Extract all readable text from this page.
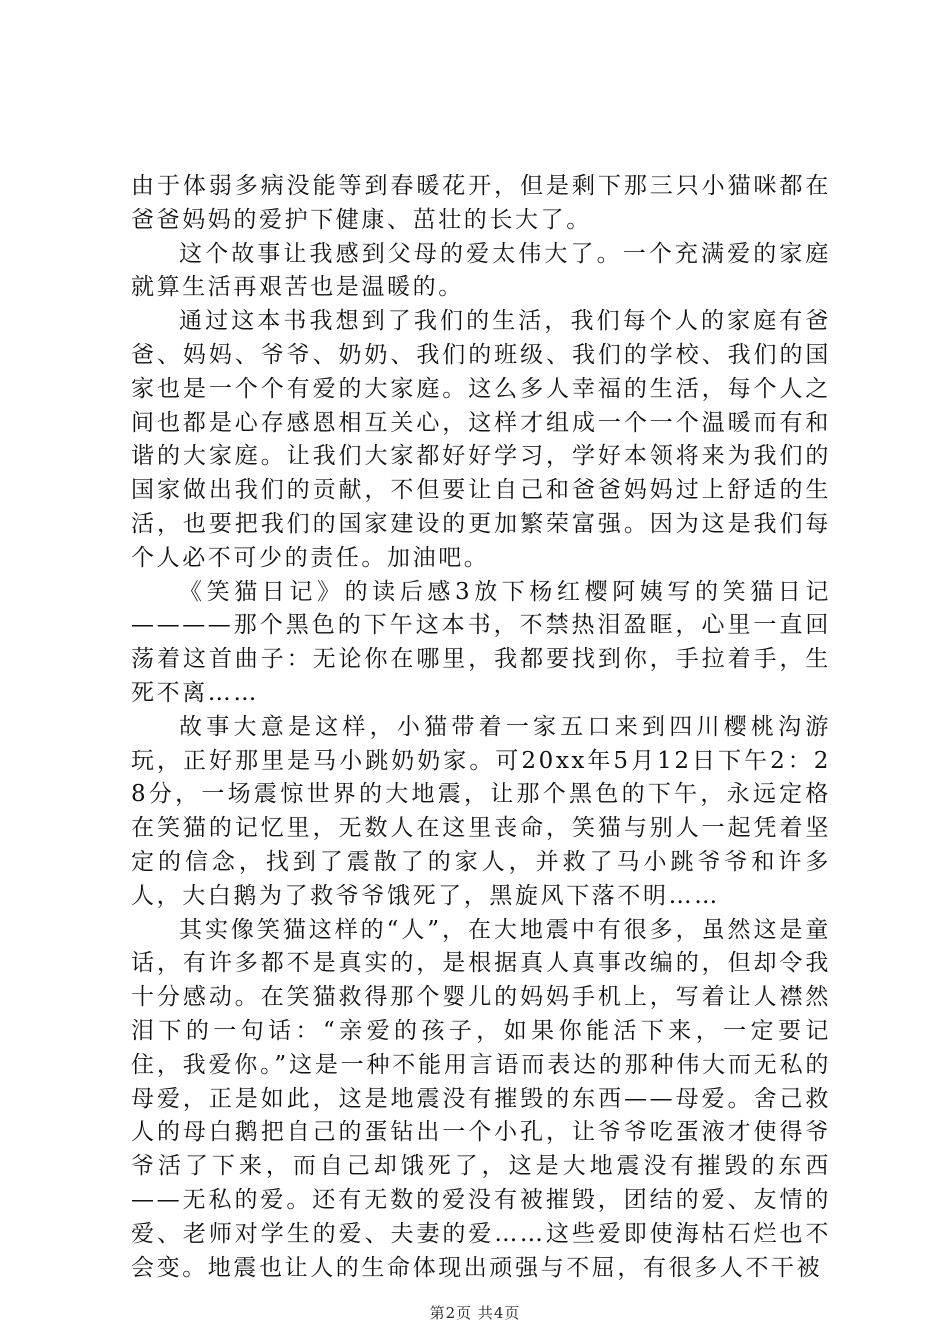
由于体弱多病没能等到春暖花开，但是剩下那三只小猫咪都在爸爸妈妈的爱护下健康、茁壮的长大了。

这个故事让我感到父母的爱太伟大了。一个充满爱的家庭就算生活再艰苦也是温暖的。

通过这本书我想到了我们的生活，我们每个人的家庭有爸爸、妈妈、爷爷、奶奶、我们的班级、我们的学校、我们的国家也是一个个有爱的大家庭。这么多人幸福的生活，每个人之间也都是心存感恩相互关心，这样才组成一个一个温暖而有和谐的大家庭。让我们大家都好好学习，学好本领将来为我们的国家做出我们的贡献，不但要让自己和爸爸妈妈过上舒适的生活，也要把我们的国家建设的更加繁荣富强。因为这是我们每个人必不可少的责任。加油吧。

《笑猫日记》的读后感3放下杨红樱阿姨写的笑猫日记————那个黑色的下午这本书，不禁热泪盈眶，心里一直回荡着这首曲子：无论你在哪里，我都要找到你，手拉着手，生死不离……

故事大意是这样，小猫带着一家五口来到四川樱桃沟游玩，正好那里是马小跳奶奶家。可20xx年5月12日下午2：28分，一场震惊世界的大地震，让那个黑色的下午，永远定格在笑猫的记忆里，无数人在这里丧命，笑猫与别人一起凭着坚定的信念，找到了震散了的家人，并救了马小跳爷爷和许多人，大白鹅为了救爷爷饿死了，黑旋风下落不明……

其实像笑猫这样的“人”，在大地震中有很多，虽然这是童话，有许多都不是真实的，是根据真人真事改编的，但却令我十分感动。在笑猫救得那个婴儿的妈妈手机上，写着让人襟然泪下的一句话：“亲爱的孩子，如果你能活下来，一定要记住，我爱你。”这是一种不能用言语而表达的那种伟大而无私的母爱，正是如此，这是地震没有摧毁的东西——母爱。舍己救人的母白鹅把自己的蛋钻出一个小孔，让爷爷吃蛋液才使得爷爷活了下来，而自己却饿死了，这是大地震没有摧毁的东西——无私的爱。还有无数的爱没有被摧毁，团结的爱、友情的爱、老师对学生的爱、夫妻的爱……这些爱即使海枯石烂也不会变。地震也让人的生命体现出顽强与不屈，有很多人不干被

第2页 共4页
